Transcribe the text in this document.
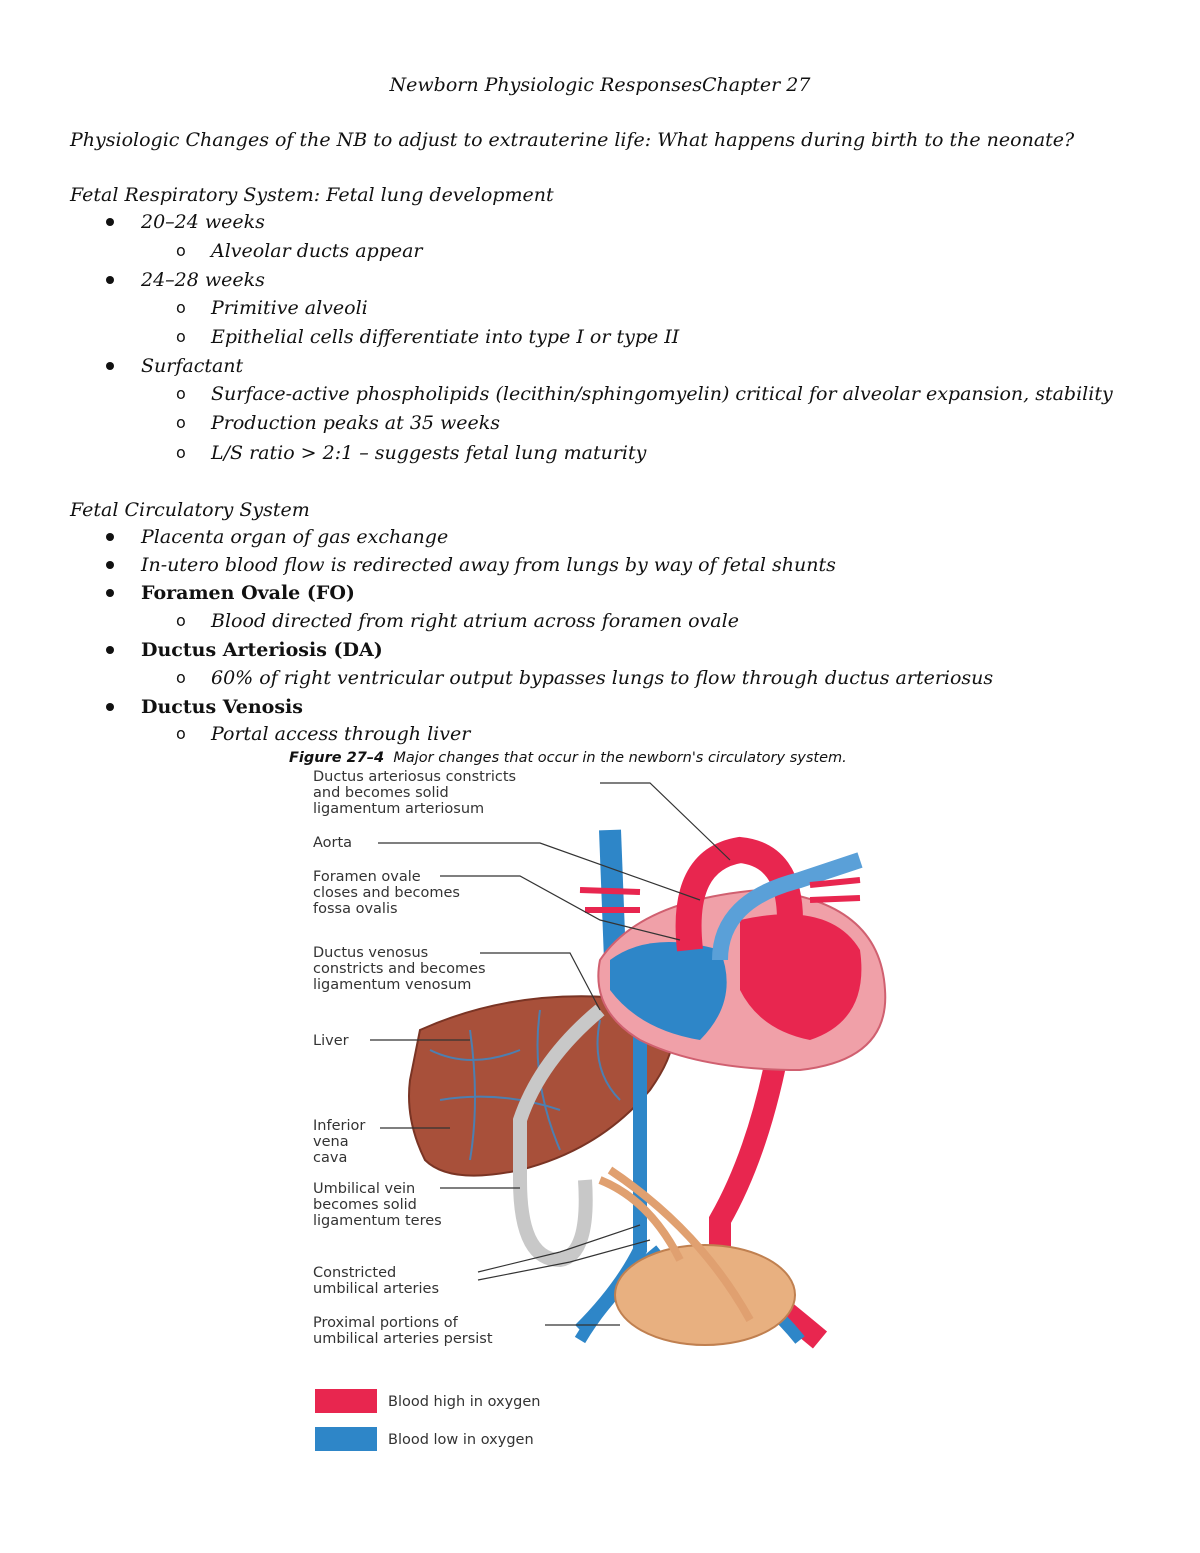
Newborn Physiologic ResponsesChapter 27
Physiologic Changes of the NB to adjust to extrauterine life: What happens during birth to the neonate?
Fetal Respiratory System: Fetal lung development
20–24 weeks
o Alveolar ducts appear
24–28 weeks
o Primitive alveoli
o Epithelial cells differentiate into type I or type II
Surfactant
o Surface-active phospholipids (lecithin/sphingomyelin) critical for alveolar expansion, stability
o Production peaks at 35 weeks
o L/S ratio > 2:1 – suggests fetal lung maturity
Fetal Circulatory System
Placenta organ of gas exchange
In-utero blood flow is redirected away from lungs by way of fetal shunts
Foramen Ovale (FO)
o Blood directed from right atrium across foramen ovale
Ductus Arteriosis (DA)
o 60% of right ventricular output bypasses lungs to flow through ductus arteriosus
Ductus Venosis
o Portal access through liver
Figure 27–4 Major changes that occur in the newborn's circulatory system.
Ductus arteriosus constricts and becomes solid ligamentum arteriosum
Aorta
Foramen ovale closes and becomes fossa ovalis
Ductus venosus constricts and becomes ligamentum venosum
Liver
Inferior vena cava
Umbilical vein becomes solid ligamentum teres
Constricted umbilical arteries
Proximal portions of umbilical arteries persist
Blood high in oxygen
Blood low in oxygen
